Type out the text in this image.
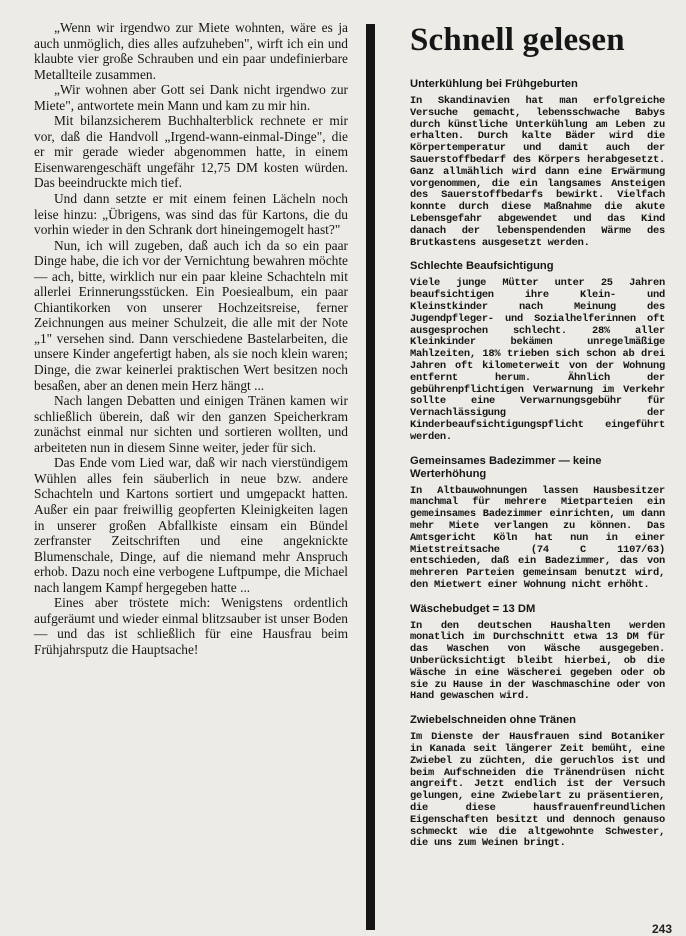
„Wenn wir irgendwo zur Miete wohnten, wäre es ja auch unmöglich, dies alles aufzuheben", wirft ich ein und klaubte vier große Schrauben und ein paar undefinierbare Metallteile zusammen.

„Wir wohnen aber Gott sei Dank nicht irgendwo zur Miete", antwortete mein Mann und kam zu mir hin.

Mit bilanzsicherem Buchhalterblick rechnete er mir vor, daß die Handvoll „Irgend-wann-einmal-Dinge", die er mir gerade wieder abgenommen hatte, in einem Eisenwarengeschäft ungefähr 12,75 DM kosten würden. Das beeindruckte mich tief.

Und dann setzte er mit einem feinen Lächeln noch leise hinzu: „Übrigens, was sind das für Kartons, die du vorhin wieder in den Schrank dort hineingemogelt hast?"

Nun, ich will zugeben, daß auch ich da so ein paar Dinge habe, die ich vor der Vernichtung bewahren möchte — ach, bitte, wirklich nur ein paar kleine Schachteln mit allerlei Erinnerungsstücken. Ein Poesiealbum, ein paar Chiantikorken von unserer Hochzeitsreise, ferner Zeichnungen aus meiner Schulzeit, die alle mit der Note „1" versehen sind. Dann verschiedene Bastelarbeiten, die unsere Kinder angefertigt haben, als sie noch klein waren; Dinge, die zwar keinerlei praktischen Wert besitzen noch besaßen, aber an denen mein Herz hängt ...

Nach langen Debatten und einigen Tränen kamen wir schließlich überein, daß wir den ganzen Speicherkram zunächst einmal nur sichten und sortieren wollten, und arbeiteten nun in diesem Sinne weiter, jeder für sich.

Das Ende vom Lied war, daß wir nach vierstündigem Wühlen alles fein säuberlich in neue bzw. andere Schachteln und Kartons sortiert und umgepackt hatten. Außer ein paar freiwillig geopferten Kleinigkeiten lagen in unserer großen Abfallkiste einsam ein Bündel zerfranster Zeitschriften und eine angeknickte Blumenschale, Dinge, auf die niemand mehr Anspruch erhob. Dazu noch eine verbogene Luftpumpe, die Michael nach langem Kampf hergegeben hatte ...

Eines aber tröstete mich: Wenigstens ordentlich aufgeräumt und wieder einmal blitzsauber ist unser Boden — und das ist schließlich für eine Hausfrau beim Frühjahrsputz die Hauptsache!

Schnell gelesen
Unterkühlung bei Frühgeburten

In Skandinavien hat man erfolgreiche Versuche gemacht, lebensschwache Babys durch künstliche Unterkühlung am Leben zu erhalten. Durch kalte Bäder wird die Körpertemperatur und damit auch der Sauerstoffbedarf des Körpers herabgesetzt. Ganz allmählich wird dann eine Erwärmung vorgenommen, die ein langsames Ansteigen des Sauerstoffbedarfs bewirkt. Vielfach konnte durch diese Maßnahme die akute Lebensgefahr abgewendet und das Kind danach der lebenspendenden Wärme des Brutkastens ausgesetzt werden.

Schlechte Beaufsichtigung

Viele junge Mütter unter 25 Jahren beaufsichtigen ihre Klein- und Kleinstkinder nach Meinung des Jugendpfleger- und Sozialhelferinnen oft ausgesprochen schlecht. 28% aller Kleinkinder bekämen unregelmäßige Mahlzeiten, 18% trieben sich schon ab drei Jahren oft kilometerweit von der Wohnung entfernt herum. Ähnlich der gebührenpflichtigen Verwarnung im Verkehr sollte eine Verwarnungsgebühr für Vernachlässigung der Kinderbeaufsichtigungspflicht eingeführt werden.

Gemeinsames Badezimmer — keine Werterhöhung

In Altbauwohnungen lassen Hausbesitzer manchmal für mehrere Mietparteien ein gemeinsames Badezimmer einrichten, um dann mehr Miete verlangen zu können. Das Amtsgericht Köln hat nun in einer Mietstreitsache (74 C 1107/63) entschieden, daß ein Badezimmer, das von mehreren Parteien gemeinsam benutzt wird, den Mietwert einer Wohnung nicht erhöht.

Wäschebudget = 13 DM

In den deutschen Haushalten werden monatlich im Durchschnitt etwa 13 DM für das Waschen von Wäsche ausgegeben. Unberücksichtigt bleibt hierbei, ob die Wäsche in eine Wäscherei gegeben oder ob sie zu Hause in der Waschmaschine oder von Hand gewaschen wird.

Zwiebelschneiden ohne Tränen

Im Dienste der Hausfrauen sind Botaniker in Kanada seit längerer Zeit bemüht, eine Zwiebel zu züchten, die geruchlos ist und beim Aufschneiden die Tränendrüsen nicht angreift. Jetzt endlich ist der Versuch gelungen, eine Zwiebelart zu präsentieren, die diese hausfrauenfreundlichen Eigenschaften besitzt und dennoch genauso schmeckt wie die altgewohnte Schwester, die uns zum Weinen bringt.

243
